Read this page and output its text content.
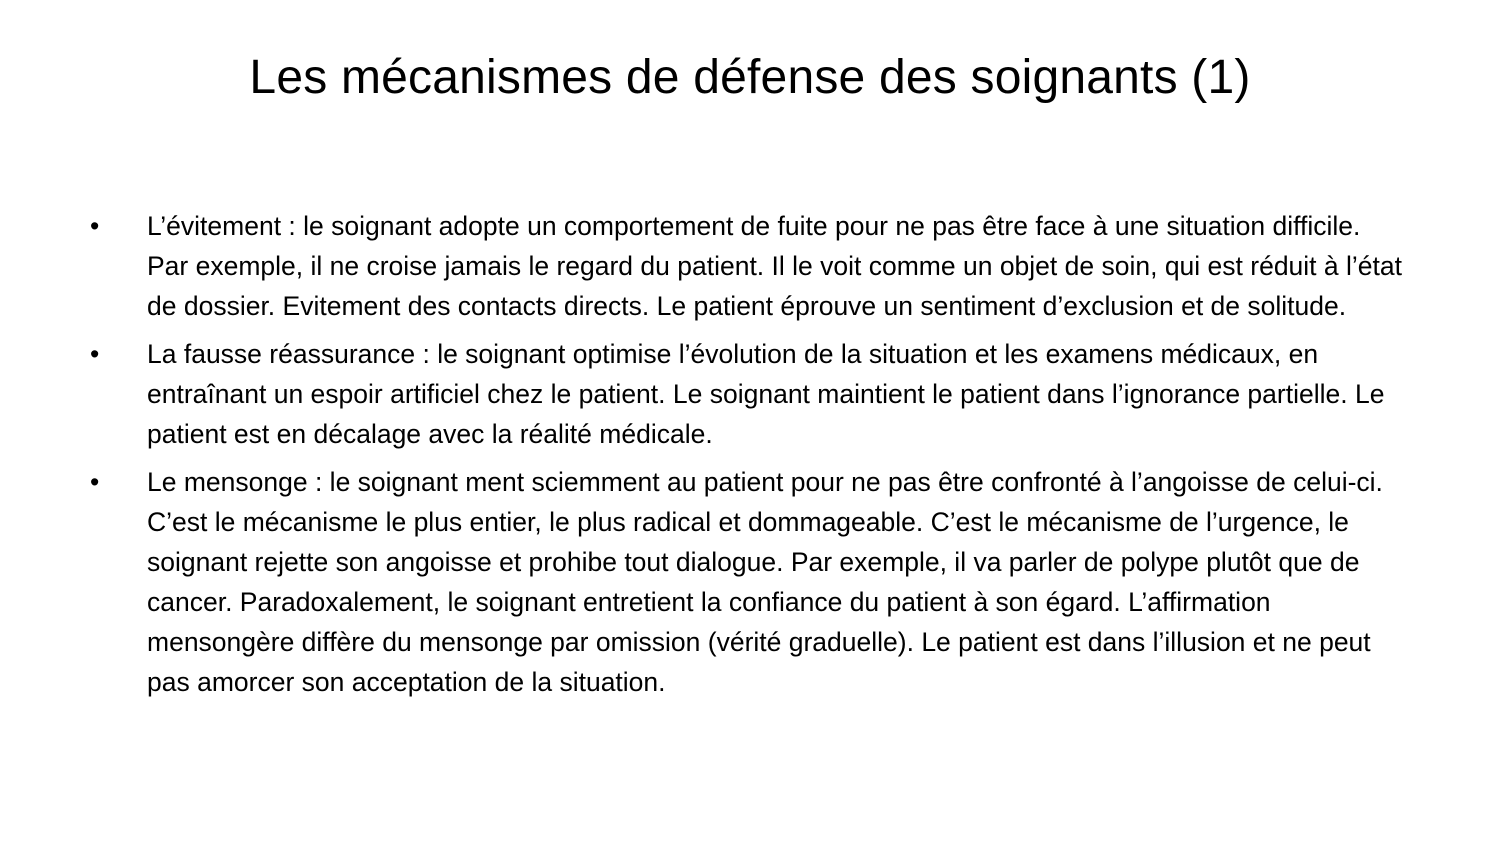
Les mécanismes de défense des soignants (1)
•	L’évitement : le soignant adopte un comportement de fuite pour ne pas être face à une situation difficile. Par exemple, il ne croise jamais le regard du patient. Il le voit comme un objet de soin, qui est réduit à l’état de dossier. Evitement des contacts directs. Le patient éprouve un sentiment d’exclusion et de solitude.
•	La fausse réassurance : le soignant optimise l’évolution de la situation et les examens médicaux, en entraînant un espoir artificiel chez le patient. Le soignant maintient le patient dans l’ignorance partielle. Le patient est en décalage avec la réalité médicale.
•	Le mensonge : le soignant ment sciemment au patient pour ne pas être confronté à l’angoisse de celui-ci. C’est le mécanisme le plus entier, le plus radical et dommageable. C’est le mécanisme de l’urgence, le soignant rejette son angoisse et prohibe tout dialogue. Par exemple, il va parler de polype plutôt que de cancer. Paradoxalement, le soignant entretient la confiance du patient à son égard. L’affirmation mensongère diffère du mensonge par omission (vérité graduelle). Le patient est dans l’illusion et ne peut pas amorcer son acceptation de la situation.
